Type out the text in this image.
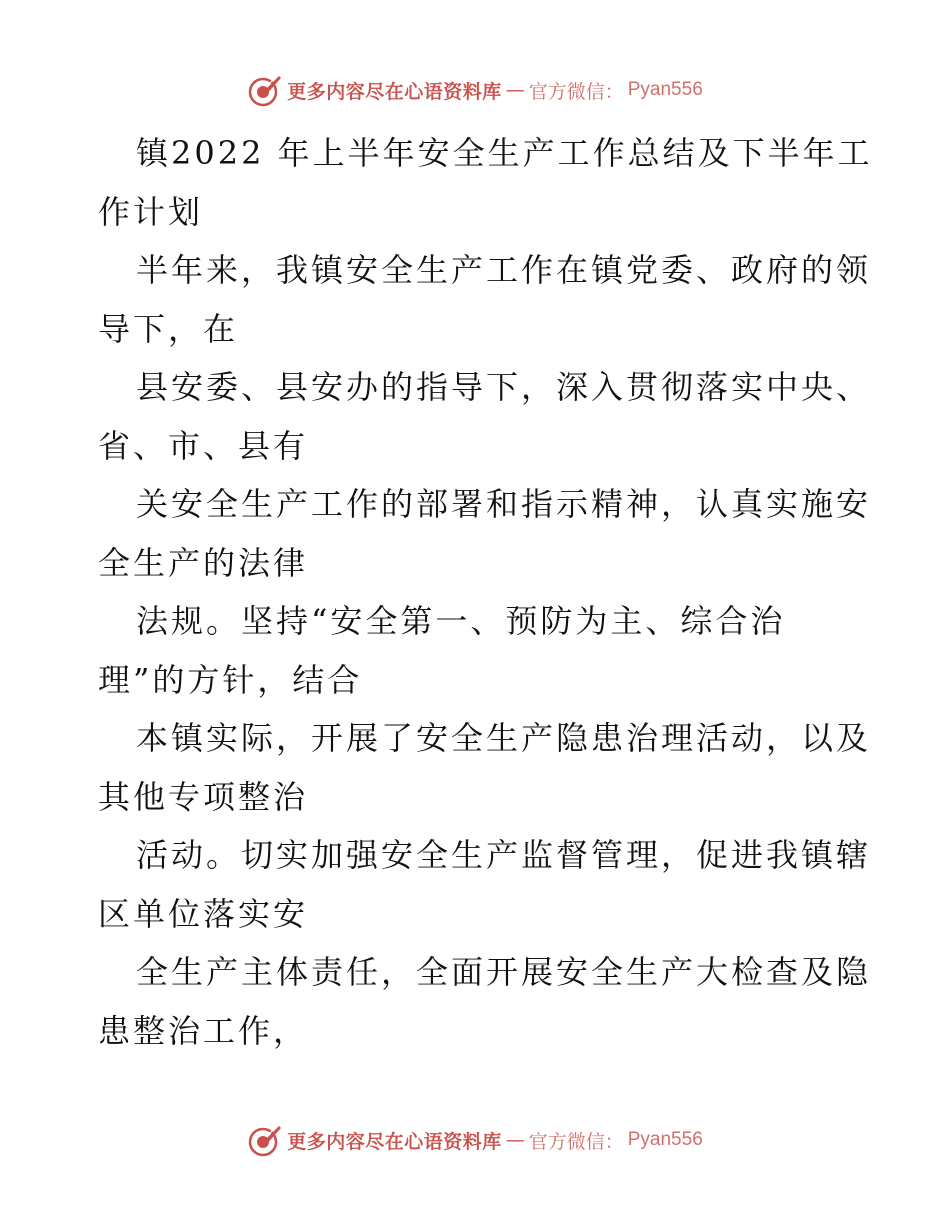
更多内容尽在心语资料库 — 官方微信： Pyan556

镇2022 年上半年安全生产工作总结及下半年工

作计划

半年来，我镇安全生产工作在镇党委、政府的领

导下，在

县安委、县安办的指导下，深入贯彻落实中央、

省、市、县有

关安全生产工作的部署和指示精神，认真实施安

全生产的法律

法规。坚持“安全第一、预防为主、综合治

理”的方针，结合

本镇实际，开展了安全生产隐患治理活动，以及

其他专项整治

活动。切实加强安全生产监督管理，促进我镇辖

区单位落实安

全生产主体责任，全面开展安全生产大检查及隐

患整治工作，

更多内容尽在心语资料库 — 官方微信： Pyan556
